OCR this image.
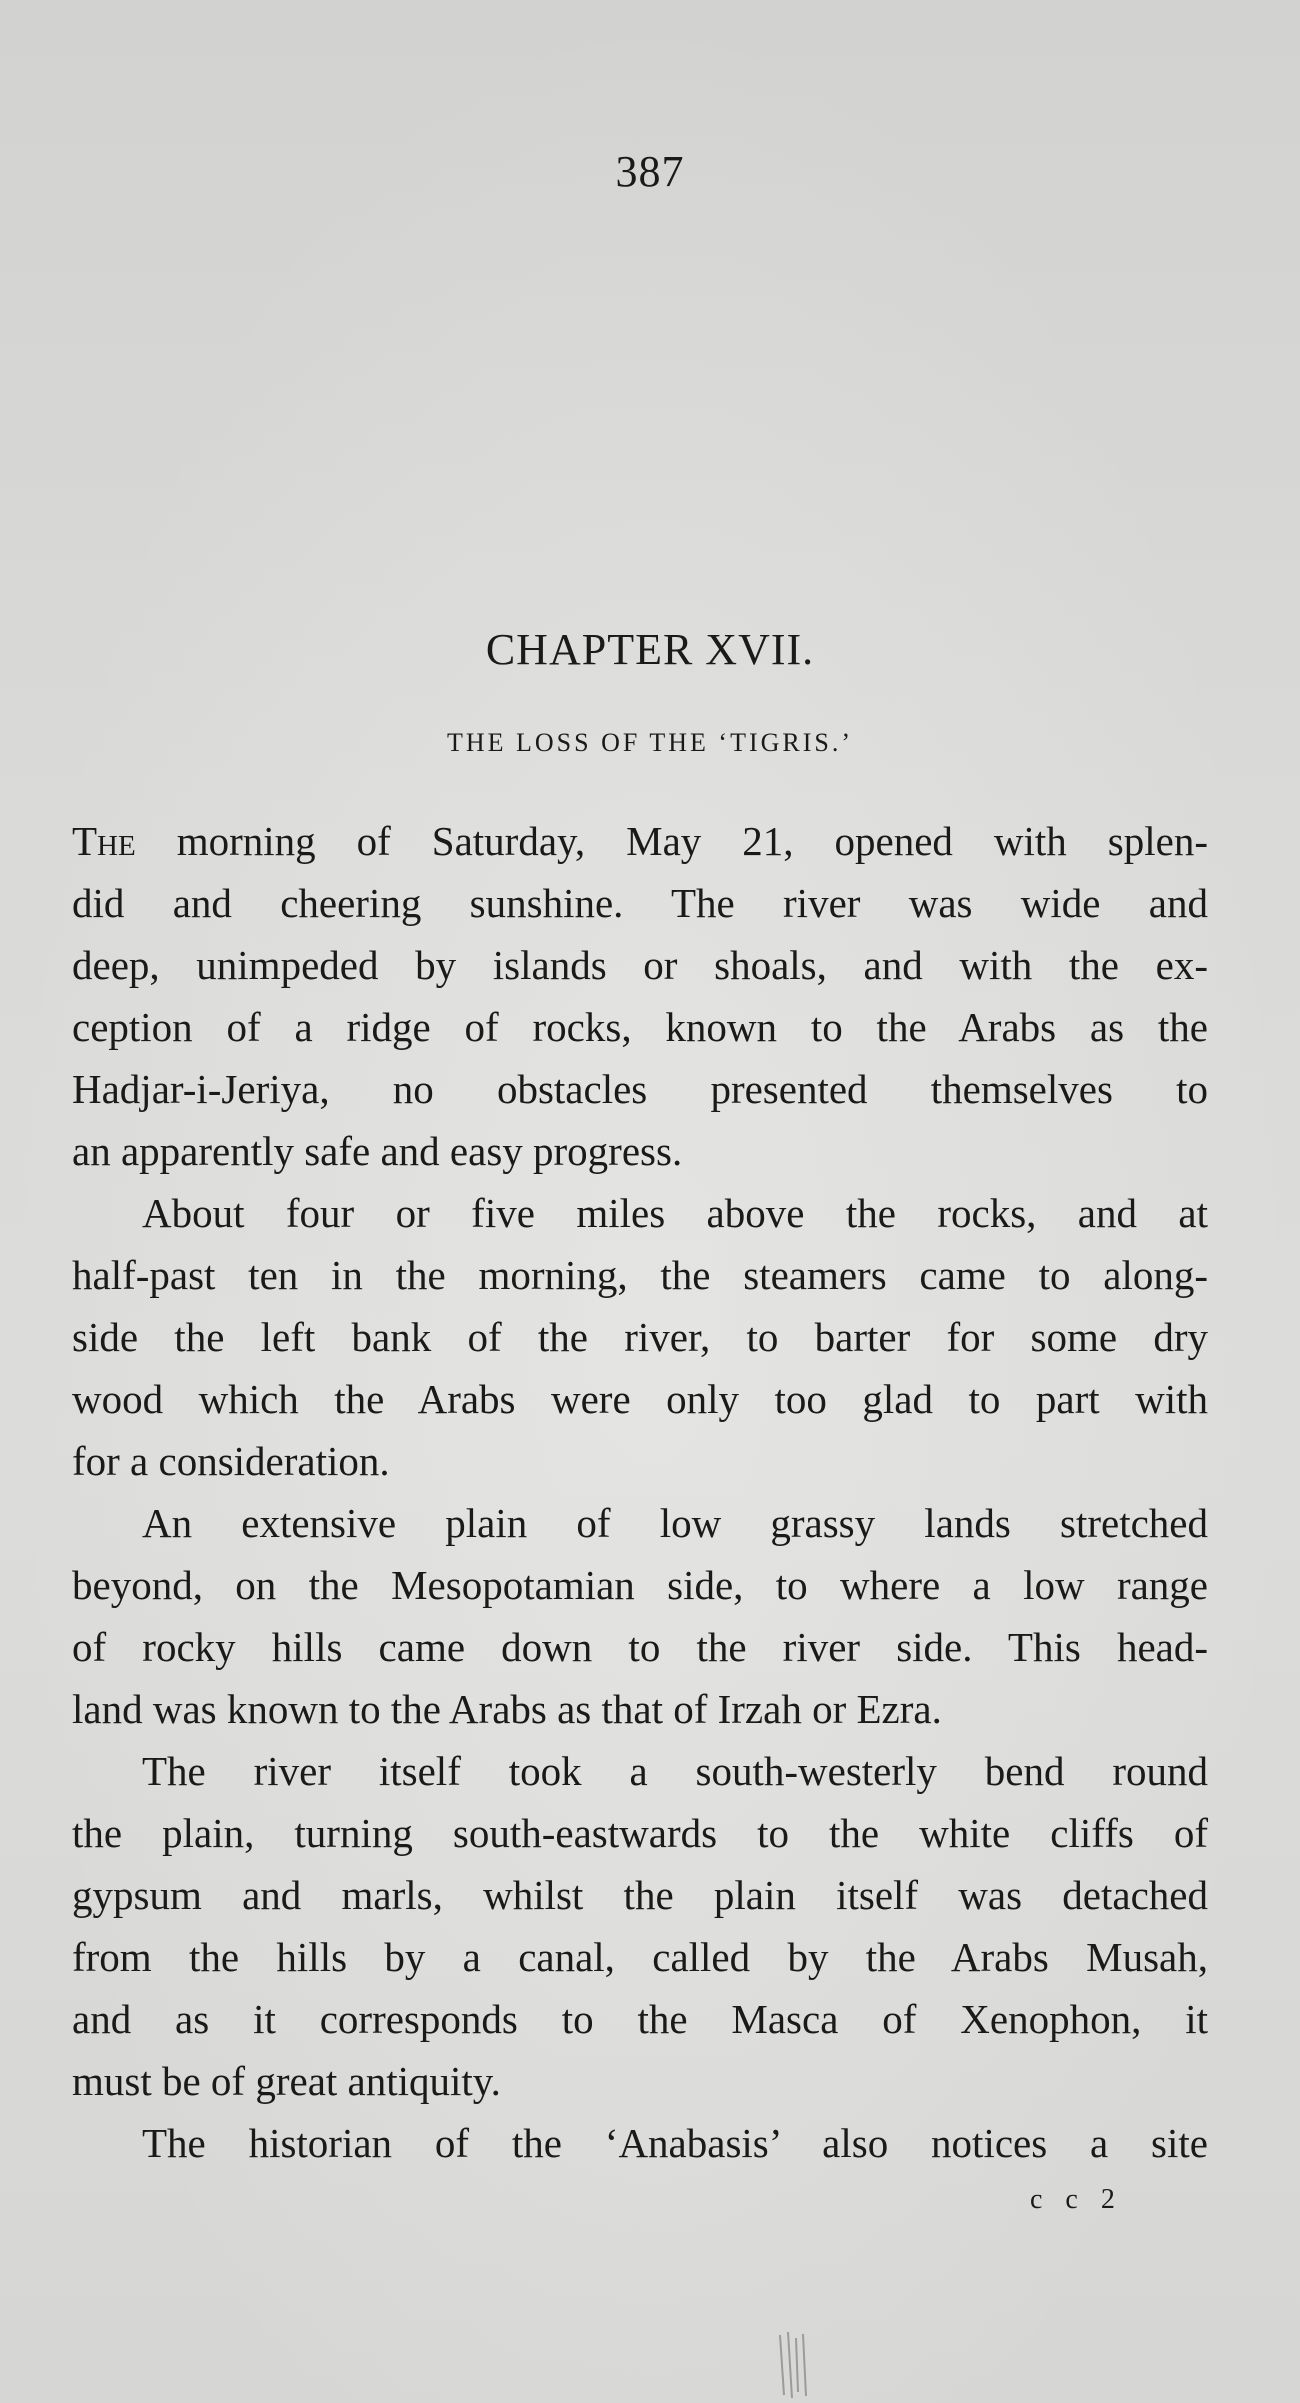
387
CHAPTER XVII.
THE LOSS OF THE ‘TIGRIS.’
The morning of Saturday, May 21, opened with splen-
did and cheering sunshine. The river was wide and
deep, unimpeded by islands or shoals, and with the ex-
ception of a ridge of rocks, known to the Arabs as the
Hadjar-i-Jeriya, no obstacles presented themselves to
an apparently safe and easy progress.
About four or five miles above the rocks, and at
half-past ten in the morning, the steamers came to along-
side the left bank of the river, to barter for some dry
wood which the Arabs were only too glad to part with
for a consideration.
An extensive plain of low grassy lands stretched
beyond, on the Mesopotamian side, to where a low range
of rocky hills came down to the river side. This head-
land was known to the Arabs as that of Irzah or Ezra.
The river itself took a south-westerly bend round
the plain, turning south-eastwards to the white cliffs of
gypsum and marls, whilst the plain itself was detached
from the hills by a canal, called by the Arabs Musah,
and as it corresponds to the Masca of Xenophon, it
must be of great antiquity.
The historian of the ‘Anabasis’ also notices a site
c c 2
